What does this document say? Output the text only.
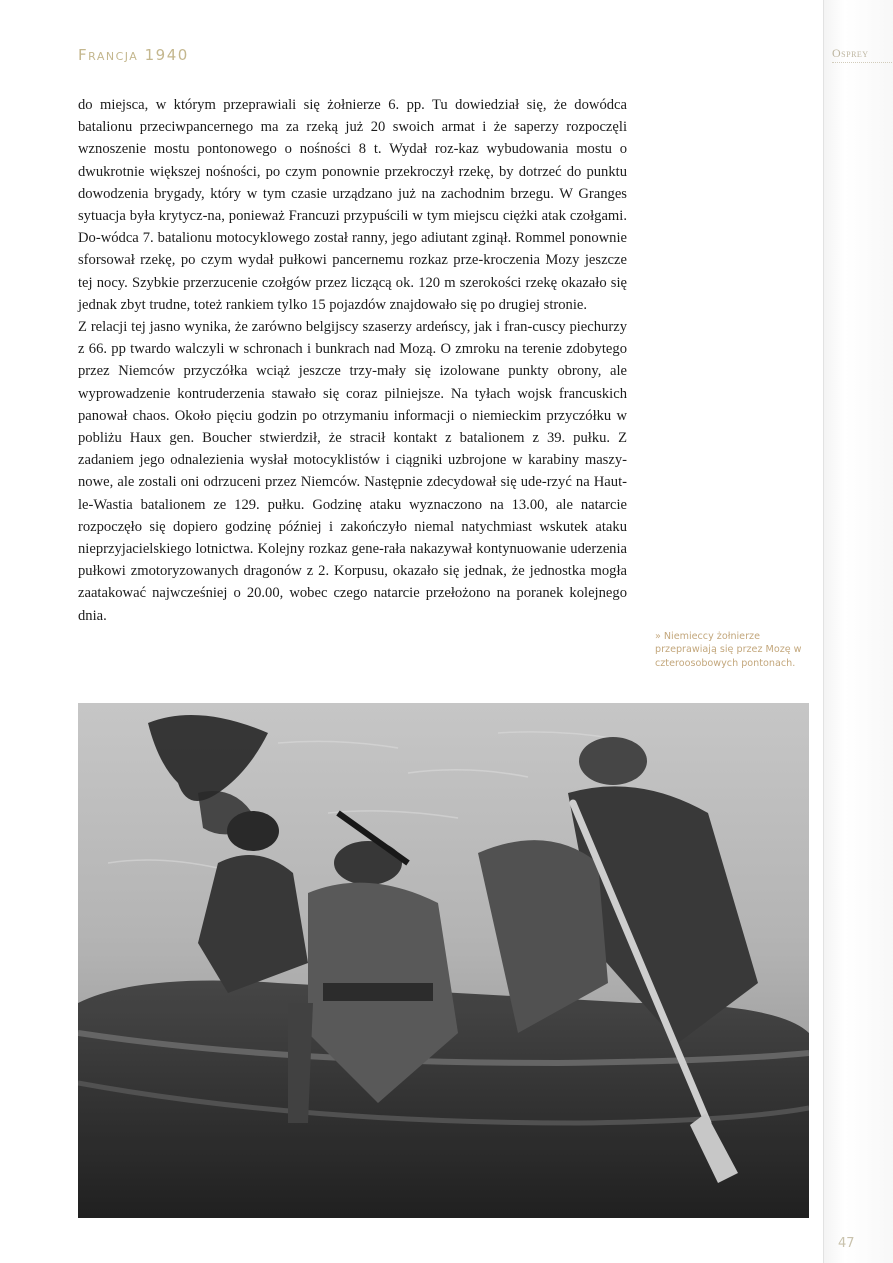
Francja 1940	Osprey

do miejsca, w którym przeprawiali się żołnierze 6. pp. Tu dowiedział się, że dowódca batalionu przeciwpancernego ma za rzeką już 20 swoich armat i że saperzy rozpoczęli wznoszenie mostu pontonowego o nośności 8 t. Wydał roz-kaz wybudowania mostu o dwukrotnie większej nośności, po czym ponownie przekroczył rzekę, by dotrzeć do punktu dowodzenia brygady, który w tym czasie urządzano już na zachodnim brzegu. W Granges sytuacja była krytycz-na, ponieważ Francuzi przypuścili w tym miejscu ciężki atak czołgami. Do-wódca 7. batalionu motocyklowego został ranny, jego adiutant zginął. Rommel ponownie sforsował rzekę, po czym wydał pułkowi pancernemu rozkaz prze-kroczenia Mozy jeszcze tej nocy. Szybkie przerzucenie czołgów przez liczącą ok. 120 m szerokości rzekę okazało się jednak zbyt trudne, toteż rankiem tylko 15 pojazdów znajdowało się po drugiej stronie.

Z relacji tej jasno wynika, że zarówno belgijscy szaserzy ardeńscy, jak i fran-cuscy piechurzy z 66. pp twardo walczyli w schronach i bunkrach nad Mozą. O zmroku na terenie zdobytego przez Niemców przyczółka wciąż jeszcze trzy-mały się izolowane punkty obrony, ale wyprowadzenie kontruderzenia stawało się coraz pilniejsze. Na tyłach wojsk francuskich panował chaos. Około pięciu godzin po otrzymaniu informacji o niemieckim przyczółku w pobliżu Haux gen. Boucher stwierdził, że stracił kontakt z batalionem z 39. pułku. Z zadaniem jego odnalezienia wysłał motocyklistów i ciągniki uzbrojone w karabiny maszy-nowe, ale zostali oni odrzuceni przez Niemców. Następnie zdecydował się ude-rzyć na Haut-le-Wastia batalionem ze 129. pułku. Godzinę ataku wyznaczono na 13.00, ale natarcie rozpoczęło się dopiero godzinę później i zakończyło niemal natychmiast wskutek ataku nieprzyjacielskiego lotnictwa. Kolejny rozkaz gene-rała nakazywał kontynuowanie uderzenia pułkowi zmotoryzowanych dragonów z 2. Korpusu, okazało się jednak, że jednostka mogła zaatakować najwcześniej o 20.00, wobec czego natarcie przełożono na poranek kolejnego dnia.

» Niemieccy żołnierze przeprawiają się przez Mozę w czteroosobowych pontonach.
47
